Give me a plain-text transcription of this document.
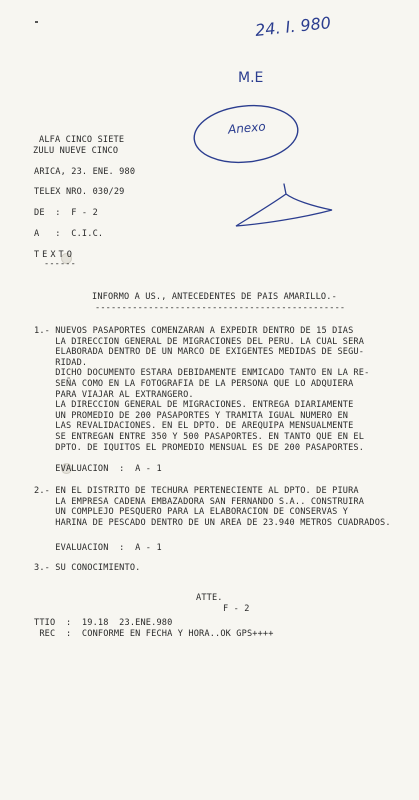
24. I. 980
M.E
Anexo
ALFA CINCO SIETE
ZULU NUEVE CINCO
ARICA, 23. ENE. 980
TELEX NRO. 030/29
DE  :  F - 2
A   :  C.I.C.
TEXTO
------
INFORMO A US., ANTECEDENTES DE PAIS AMARILLO.-
-----------------------------------------------
1.- NUEVOS PASAPORTES COMENZARAN A EXPEDIR DENTRO DE 15 DIAS
LA DIRECCION GENERAL DE MIGRACIONES DEL PERU. LA CUAL SERA
ELABORADA DENTRO DE UN MARCO DE EXIGENTES MEDIDAS DE SEGU-
RIDAD.
DICHO DOCUMENTO ESTARA DEBIDAMENTE ENMICADO TANTO EN LA RE-
SEÑA COMO EN LA FOTOGRAFIA DE LA PERSONA QUE LO ADQUIERA
PARA VIAJAR AL EXTRANGERO.
LA DIRECCION GENERAL DE MIGRACIONES. ENTREGA DIARIAMENTE
UN PROMEDIO DE 200 PASAPORTES Y TRAMITA IGUAL NUMERO EN
LAS REVALIDACIONES. EN EL DPTO. DE AREQUIPA MENSUALMENTE
SE ENTREGAN ENTRE 350 Y 500 PASAPORTES. EN TANTO QUE EN EL
DPTO. DE IQUITOS EL PROMEDIO MENSUAL ES DE 200 PASAPORTES.
EVALUACION  :  A - 1
2.- EN EL DISTRITO DE TECHURA PERTENECIENTE AL DPTO. DE PIURA
LA EMPRESA CADENA EMBAZADORA SAN FERNANDO S.A.. CONSTRUIRA
UN COMPLEJO PESQUERO PARA LA ELABORACION DE CONSERVAS Y
HARINA DE PESCADO DENTRO DE UN AREA DE 23.940 METROS CUADRADOS.
EVALUACION  :  A - 1
3.- SU CONOCIMIENTO.
ATTE.
F - 2
TTIO  :  19.18  23.ENE.980
REC  :  CONFORME EN FECHA Y HORA..OK GPS++++
